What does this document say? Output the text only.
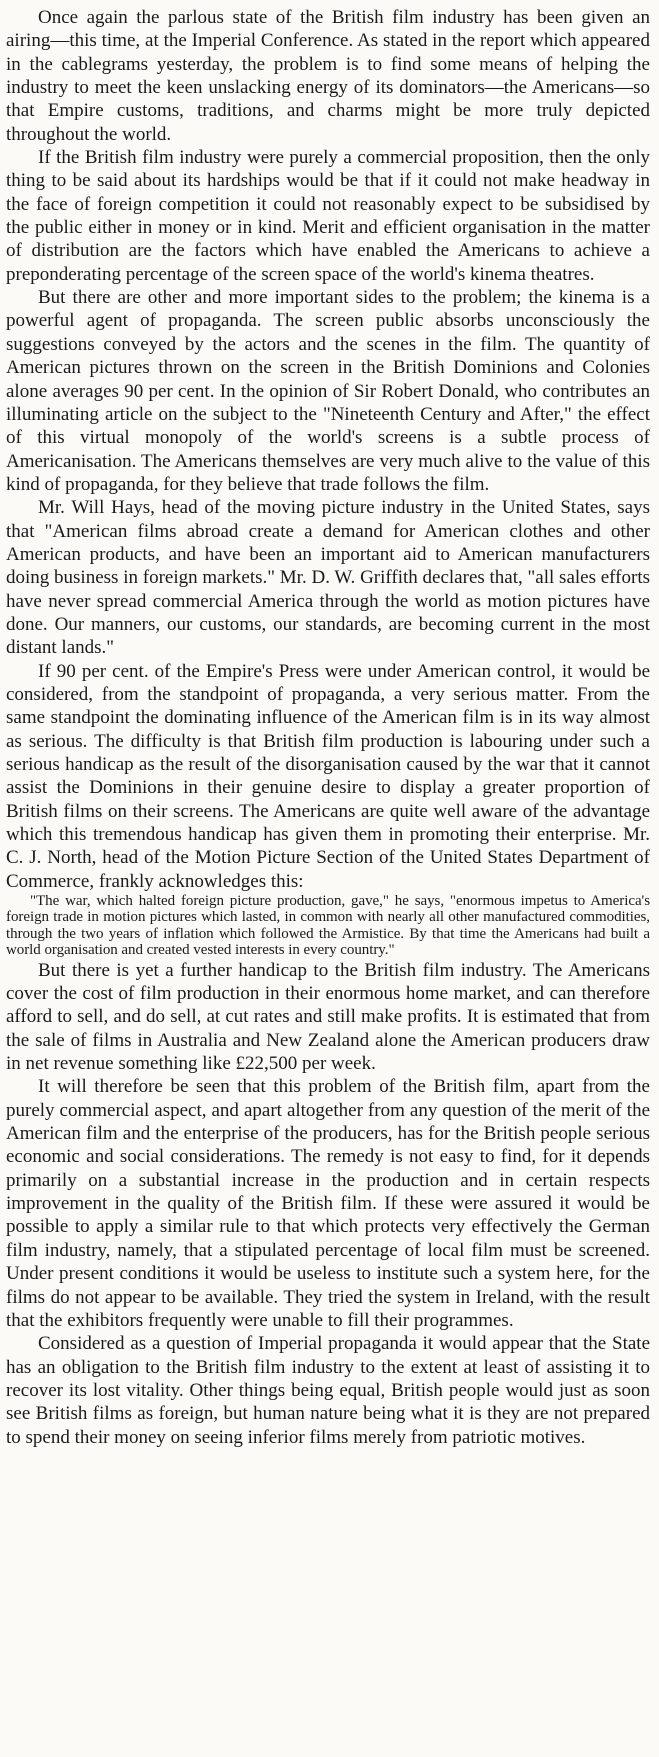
Once again the parlous state of the British film industry has been given an airing—this time, at the Imperial Conference. As stated in the report which appeared in the cablegrams yesterday, the problem is to find some means of helping the industry to meet the keen unslacking energy of its dominators—the Americans—so that Empire customs, traditions, and charms might be more truly depicted throughout the world.

If the British film industry were purely a commercial proposition, then the only thing to be said about its hardships would be that if it could not make headway in the face of foreign competition it could not reasonably expect to be subsidised by the public either in money or in kind. Merit and efficient organisation in the matter of distribution are the factors which have enabled the Americans to achieve a preponderating percentage of the screen space of the world's kinema theatres.

But there are other and more important sides to the problem; the kinema is a powerful agent of propaganda. The screen public absorbs unconsciously the suggestions conveyed by the actors and the scenes in the film. The quantity of American pictures thrown on the screen in the British Dominions and Colonies alone averages 90 per cent. In the opinion of Sir Robert Donald, who contributes an illuminating article on the subject to the "Nineteenth Century and After," the effect of this virtual monopoly of the world's screens is a subtle process of Americanisation. The Americans themselves are very much alive to the value of this kind of propaganda, for they believe that trade follows the film.

Mr. Will Hays, head of the moving picture industry in the United States, says that "American films abroad create a demand for American clothes and other American products, and have been an important aid to American manufacturers doing business in foreign markets." Mr. D. W. Griffith declares that, "all sales efforts have never spread commercial America through the world as motion pictures have done. Our manners, our customs, our standards, are becoming current in the most distant lands."

If 90 per cent. of the Empire's Press were under American control, it would be considered, from the standpoint of propaganda, a very serious matter. From the same standpoint the dominating influence of the American film is in its way almost as serious. The difficulty is that British film production is labouring under such a serious handicap as the result of the disorganisation caused by the war that it cannot assist the Dominions in their genuine desire to display a greater proportion of British films on their screens. The Americans are quite well aware of the advantage which this tremendous handicap has given them in promoting their enterprise. Mr. C. J. North, head of the Motion Picture Section of the United States Department of Commerce, frankly acknowledges this:

"The war, which halted foreign picture production, gave," he says, "enormous impetus to America's foreign trade in motion pictures which lasted, in common with nearly all other manufactured commodities, through the two years of inflation which followed the Armistice. By that time the Americans had built a world organisation and created vested interests in every country."

But there is yet a further handicap to the British film industry. The Americans cover the cost of film production in their enormous home market, and can therefore afford to sell, and do sell, at cut rates and still make profits. It is estimated that from the sale of films in Australia and New Zealand alone the American producers draw in net revenue something like £22,500 per week.

It will therefore be seen that this problem of the British film, apart from the purely commercial aspect, and apart altogether from any question of the merit of the American film and the enterprise of the producers, has for the British people serious economic and social considerations. The remedy is not easy to find, for it depends primarily on a substantial increase in the production and in certain respects improvement in the quality of the British film. If these were assured it would be possible to apply a similar rule to that which protects very effectively the German film industry, namely, that a stipulated percentage of local film must be screened. Under present conditions it would be useless to institute such a system here, for the films do not appear to be available. They tried the system in Ireland, with the result that the exhibitors frequently were unable to fill their programmes.

Considered as a question of Imperial propaganda it would appear that the State has an obligation to the British film industry to the extent at least of assisting it to recover its lost vitality. Other things being equal, British people would just as soon see British films as foreign, but human nature being what it is they are not prepared to spend their money on seeing inferior films merely from patriotic motives.
